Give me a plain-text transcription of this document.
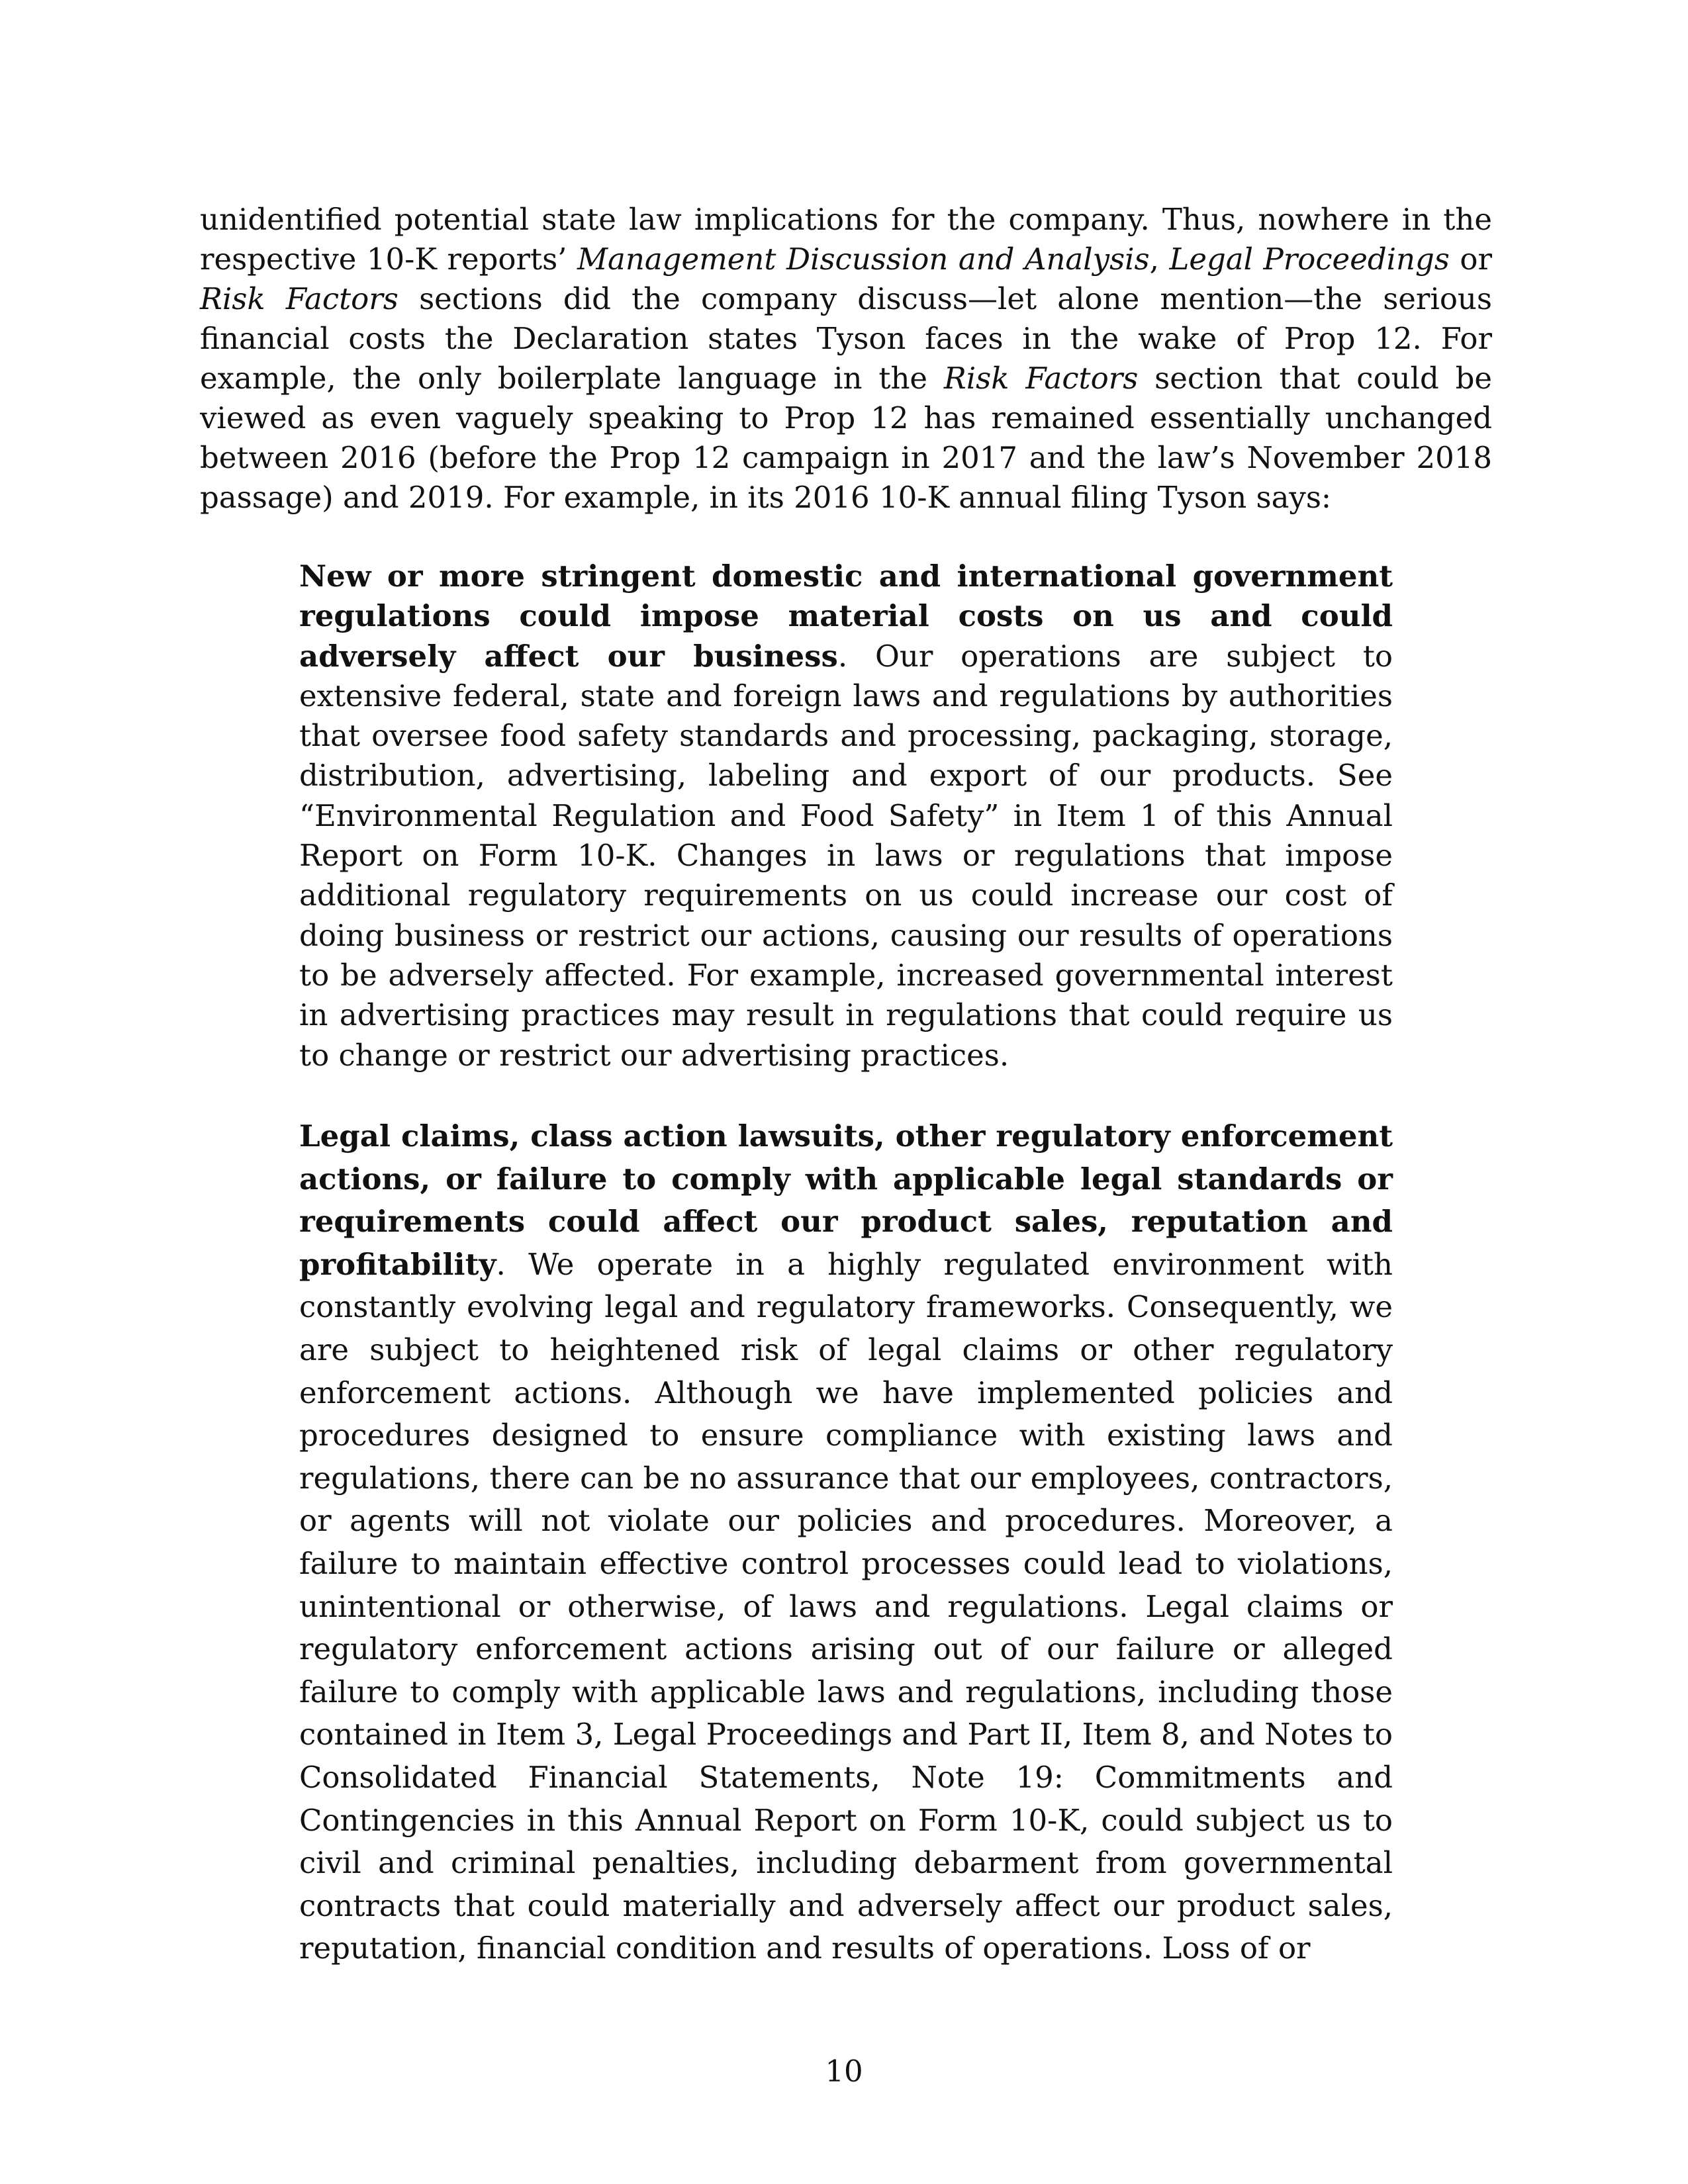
unidentified potential state law implications for the company. Thus, nowhere in the respective 10-K reports’ Management Discussion and Analysis, Legal Proceedings or Risk Factors sections did the company discuss—let alone mention—the serious financial costs the Declaration states Tyson faces in the wake of Prop 12. For example, the only boilerplate language in the Risk Factors section that could be viewed as even vaguely speaking to Prop 12 has remained essentially unchanged between 2016 (before the Prop 12 campaign in 2017 and the law’s November 2018 passage) and 2019. For example, in its 2016 10-K annual filing Tyson says:

New or more stringent domestic and international government regulations could impose material costs on us and could adversely affect our business. Our operations are subject to extensive federal, state and foreign laws and regulations by authorities that oversee food safety standards and processing, packaging, storage, distribution, advertising, labeling and export of our products. See “Environmental Regulation and Food Safety” in Item 1 of this Annual Report on Form 10-K. Changes in laws or regulations that impose additional regulatory requirements on us could increase our cost of doing business or restrict our actions, causing our results of operations to be adversely affected. For example, increased governmental interest in advertising practices may result in regulations that could require us to change or restrict our advertising practices.

Legal claims, class action lawsuits, other regulatory enforcement actions, or failure to comply with applicable legal standards or requirements could affect our product sales, reputation and profitability. We operate in a highly regulated environment with constantly evolving legal and regulatory frameworks. Consequently, we are subject to heightened risk of legal claims or other regulatory enforcement actions. Although we have implemented policies and procedures designed to ensure compliance with existing laws and regulations, there can be no assurance that our employees, contractors, or agents will not violate our policies and procedures. Moreover, a failure to maintain effective control processes could lead to violations, unintentional or otherwise, of laws and regulations. Legal claims or regulatory enforcement actions arising out of our failure or alleged failure to comply with applicable laws and regulations, including those contained in Item 3, Legal Proceedings and Part II, Item 8, and Notes to Consolidated Financial Statements, Note 19: Commitments and Contingencies in this Annual Report on Form 10-K, could subject us to civil and criminal penalties, including debarment from governmental contracts that could materially and adversely affect our product sales, reputation, financial condition and results of operations. Loss of or

10
